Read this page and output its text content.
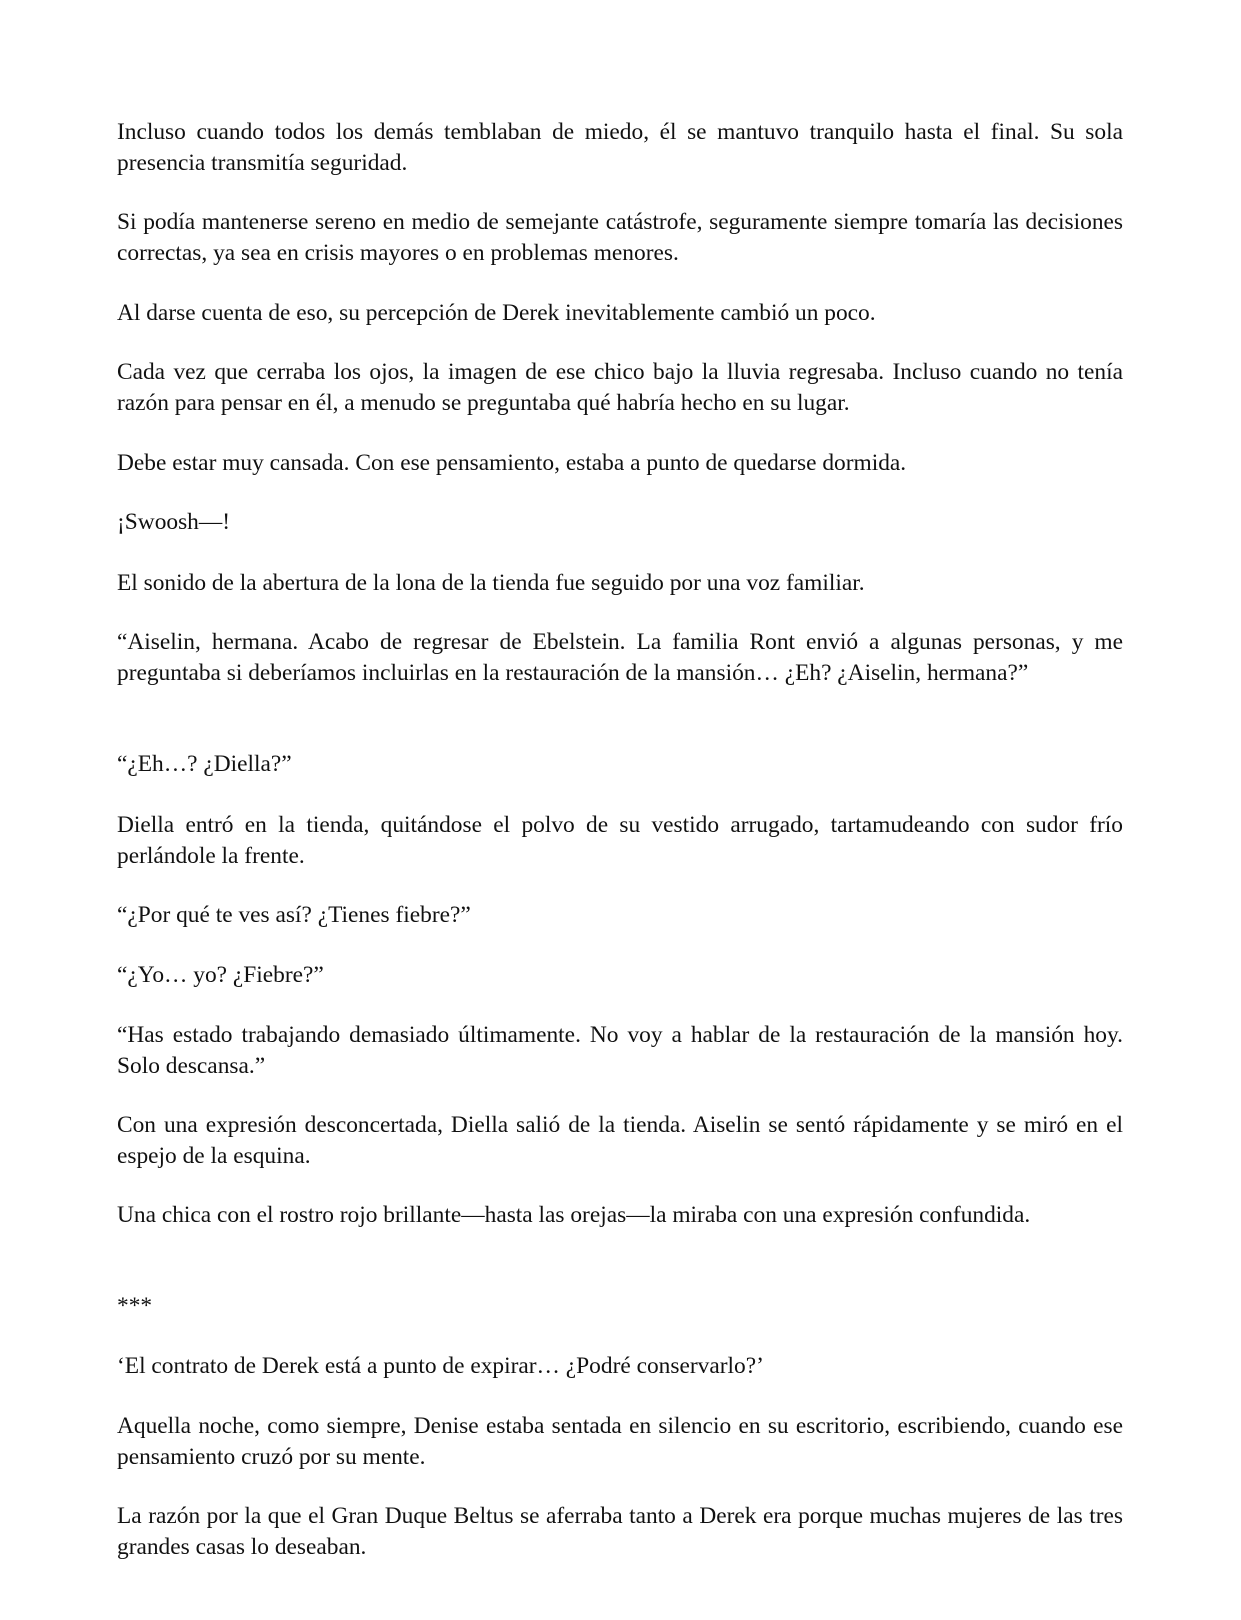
Incluso cuando todos los demás temblaban de miedo, él se mantuvo tranquilo hasta el final. Su sola presencia transmitía seguridad.

Si podía mantenerse sereno en medio de semejante catástrofe, seguramente siempre tomaría las decisiones correctas, ya sea en crisis mayores o en problemas menores.

Al darse cuenta de eso, su percepción de Derek inevitablemente cambió un poco.

Cada vez que cerraba los ojos, la imagen de ese chico bajo la lluvia regresaba. Incluso cuando no tenía razón para pensar en él, a menudo se preguntaba qué habría hecho en su lugar.

Debe estar muy cansada. Con ese pensamiento, estaba a punto de quedarse dormida.

¡Swoosh—!

El sonido de la abertura de la lona de la tienda fue seguido por una voz familiar.

“Aiselin, hermana. Acabo de regresar de Ebelstein. La familia Ront envió a algunas personas, y me preguntaba si deberíamos incluirlas en la restauración de la mansión… ¿Eh? ¿Aiselin, hermana?”

“¿Eh…? ¿Diella?”

Diella entró en la tienda, quitándose el polvo de su vestido arrugado, tartamudeando con sudor frío perlándole la frente.

“¿Por qué te ves así? ¿Tienes fiebre?”

“¿Yo… yo? ¿Fiebre?”

“Has estado trabajando demasiado últimamente. No voy a hablar de la restauración de la mansión hoy. Solo descansa.”

Con una expresión desconcertada, Diella salió de la tienda. Aiselin se sentó rápidamente y se miró en el espejo de la esquina.

Una chica con el rostro rojo brillante—hasta las orejas—la miraba con una expresión confundida.

***

‘El contrato de Derek está a punto de expirar… ¿Podré conservarlo?’

Aquella noche, como siempre, Denise estaba sentada en silencio en su escritorio, escribiendo, cuando ese pensamiento cruzó por su mente.

La razón por la que el Gran Duque Beltus se aferraba tanto a Derek era porque muchas mujeres de las tres grandes casas lo deseaban.
